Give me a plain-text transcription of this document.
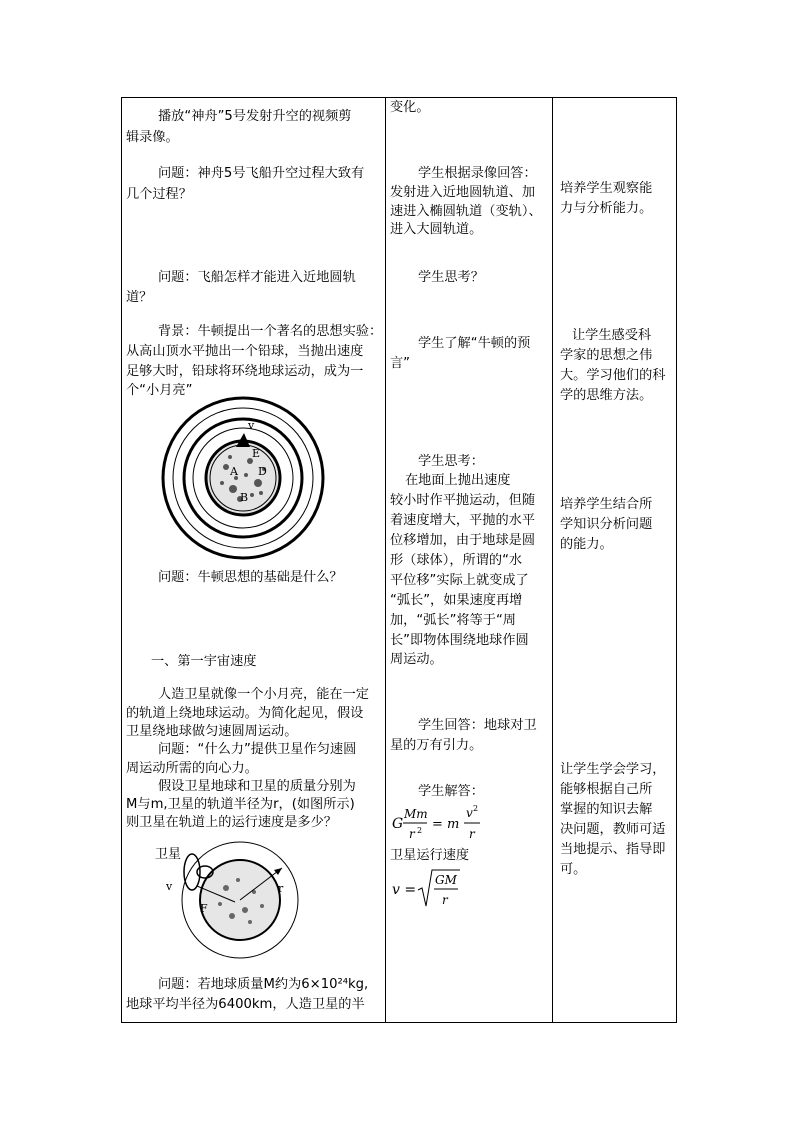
播放“神舟”5号发射升空的视频剪
辑录像。
问题：神舟5号飞船升空过程大致有
几个过程？
问题：飞船怎样才能进入近地圆轨
道？
背景：牛顿提出一个著名的思想实验：
从高山顶水平抛出一个铅球，当抛出速度
足够大时，铅球将环绕地球运动，成为一
个“小月亮”
v
A
B
D
E
问题：牛顿思想的基础是什么？
一、第一宇宙速度
人造卫星就像一个小月亮，能在一定
的轨道上绕地球运动。为简化起见，假设
卫星绕地球做匀速圆周运动。
问题：“什么力”提供卫星作匀速圆
周运动所需的向心力。
假设卫星地球和卫星的质量分别为
M与m,卫星的轨道半径为r，(如图所示)
则卫星在轨道上的运行速度是多少？
卫星
v
F
r
问题：若地球质量M约为6×10²⁴kg,
地球平均半径为6400km，人造卫星的半
变化。
学生根据录像回答：
发射进入近地圆轨道、加
速进入椭圆轨道（变轨）、
进入大圆轨道。
学生思考？
学生了解“牛顿的预
言”
学生思考：
在地面上抛出速度
较小时作平抛运动，但随
着速度增大，平抛的水平
位移增加，由于地球是圆
形（球体），所谓的“水
平位移”实际上就变成了
“弧长”，如果速度再增
加，“弧长”将等于“周
长”即物体围绕地球作圆
周运动。
学生回答：地球对卫
星的万有引力。
学生解答：
G
Mm
r 2 = m
v 2
r
卫星运行速度
v =
GM
r
培养学生观察能
力与分析能力。
让学生感受科
学家的思想之伟
大。学习他们的科
学的思维方法。
培养学生结合所
学知识分析问题
的能力。
让学生学会学习，
能够根据自己所
掌握的知识去解
决问题，教师可适
当地提示、指导即
可。
